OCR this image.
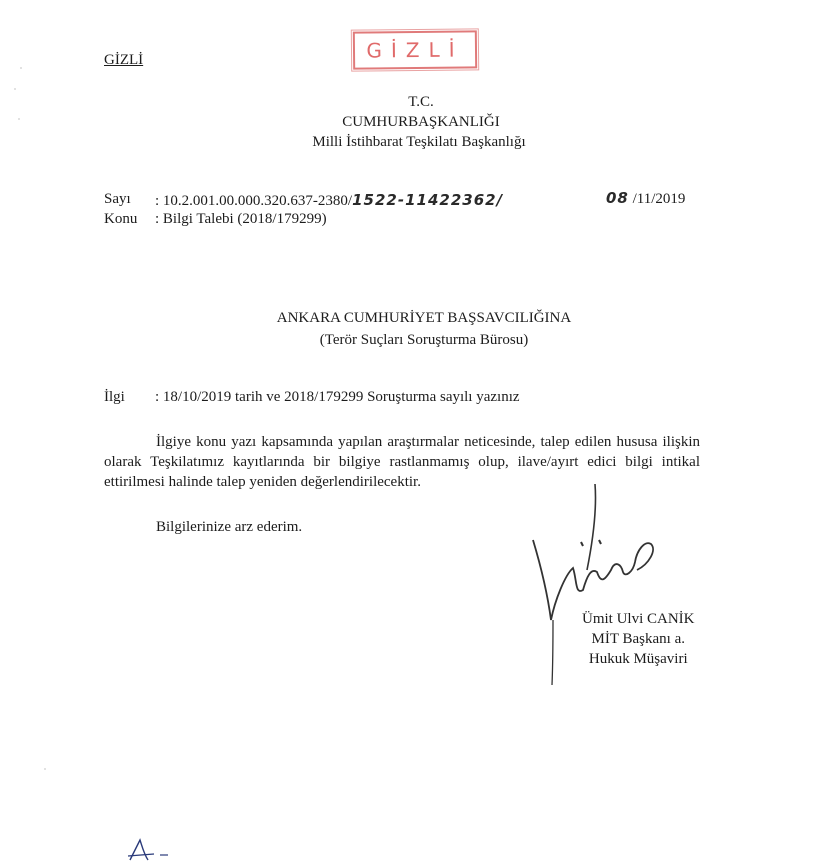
GİZLİ	GİZLİ
T.C.
CUMHURBAŞKANLIĞI
Milli İstihbarat Teşkilatı Başkanlığı
Sayı : 10.2.001.00.000.320.637-2380/1522-11422362/
Konu : Bilgi Talebi (2018/179299)
08 /11/2019
ANKARA CUMHURİYET BAŞSAVCILIĞINA
(Terör Suçları Soruşturma Bürosu)
İlgi : 18/10/2019 tarih ve 2018/179299 Soruşturma sayılı yazınız
İlgiye konu yazı kapsamında yapılan araştırmalar neticesinde, talep edilen hususa ilişkin olarak Teşkilatımız kayıtlarında bir bilgiye rastlanmamış olup, ilave/ayırt edici bilgi intikal ettirilmesi halinde talep yeniden değerlendirilecektir.
Bilgilerinize arz ederim.
Ümit Ulvi CANİK
MİT Başkanı a.
Hukuk Müşaviri
